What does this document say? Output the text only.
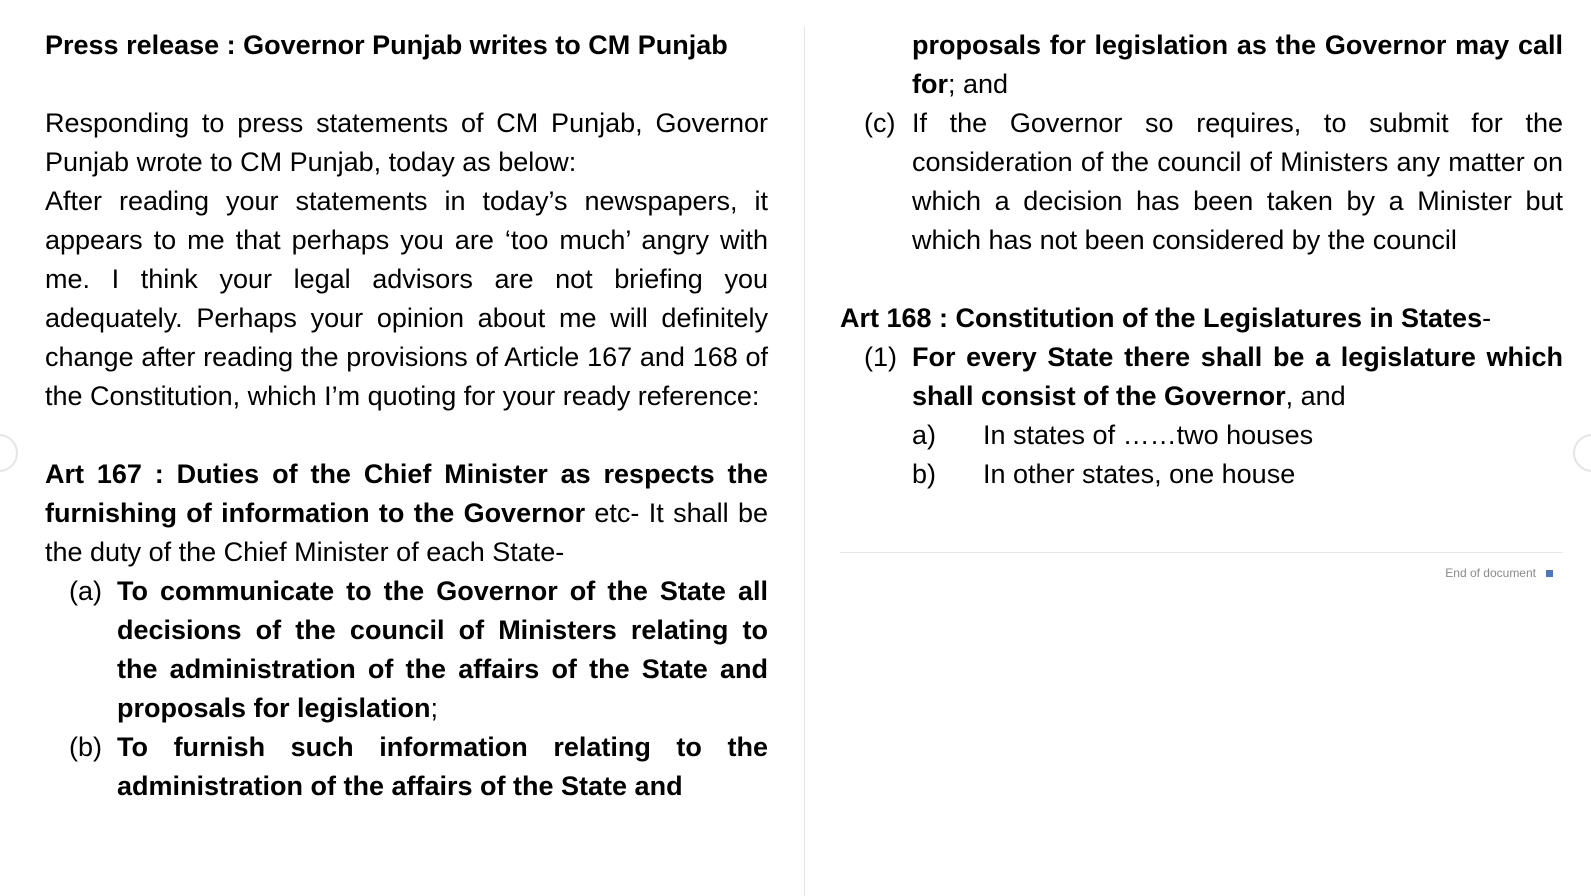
Press release : Governor Punjab writes to CM Punjab

Responding to press statements of CM Punjab, Governor Punjab wrote to CM Punjab, today as below:

After reading your statements in today’s newspapers, it appears to me that perhaps you are ‘too much’ angry with me. I think your legal advisors are not briefing you adequately. Perhaps your opinion about me will definitely change after reading the provisions of Article 167 and 168 of the Constitution, which I’m quoting for your ready reference:

Art 167 : Duties of the Chief Minister as respects the furnishing of information to the Governor etc- It shall be the duty of the Chief Minister of each State-

(a) To communicate to the Governor of the State all decisions of the council of Ministers relating to the administration of the affairs of the State and proposals for legislation;
(b) To furnish such information relating to the administration of the affairs of the State and
proposals for legislation as the Governor may call for; and
(c) If the Governor so requires, to submit for the consideration of the council of Ministers any matter on which a decision has been taken by a Minister but which has not been considered by the council

Art 168 : Constitution of the Legislatures in States-

(1) For every State there shall be a legislature which shall consist of the Governor, and
a)	In states of ……two houses
b)	In other states, one house
End of document
